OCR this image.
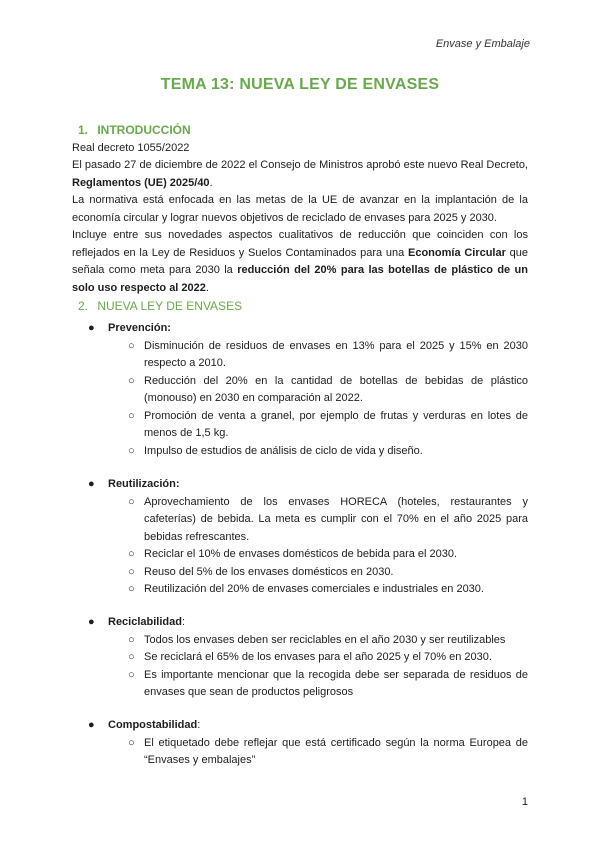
Envase y Embalaje
TEMA 13: NUEVA LEY DE ENVASES
1. INTRODUCCIÓN
Real decreto 1055/2022
El pasado 27 de diciembre de 2022 el Consejo de Ministros aprobó este nuevo Real Decreto, Reglamentos (UE) 2025/40.
La normativa está enfocada en las metas de la UE de avanzar en la implantación de la economía circular y lograr nuevos objetivos de reciclado de envases para 2025 y 2030.
Incluye entre sus novedades aspectos cualitativos de reducción que coinciden con los reflejados en la Ley de Residuos y Suelos Contaminados para una Economía Circular que señala como meta para 2030 la reducción del 20% para las botellas de plástico de un solo uso respecto al 2022.
2. NUEVA LEY DE ENVASES
● Prevención:
○ Disminución de residuos de envases en 13% para el 2025 y 15% en 2030 respecto a 2010.
○ Reducción del 20% en la cantidad de botellas de bebidas de plástico (monouso) en 2030 en comparación al 2022.
○ Promoción de venta a granel, por ejemplo de frutas y verduras en lotes de menos de 1,5 kg.
○ Impulso de estudios de análisis de ciclo de vida y diseño.
● Reutilización:
○ Aprovechamiento de los envases HORECA (hoteles, restaurantes y cafeterías) de bebida. La meta es cumplir con el 70% en el año 2025 para bebidas refrescantes.
○ Reciclar el 10% de envases domésticos de bebida para el 2030.
○ Reuso del 5% de los envases domésticos en 2030.
○ Reutilización del 20% de envases comerciales e industriales en 2030.
● Reciclabilidad:
○ Todos los envases deben ser reciclables en el año 2030 y ser reutilizables
○ Se reciclará el 65% de los envases para el año 2025 y el 70% en 2030.
○ Es importante mencionar que la recogida debe ser separada de residuos de envases que sean de productos peligrosos
● Compostabilidad:
○ El etiquetado debe reflejar que está certificado según la norma Europea de “Envases y embalajes”
1
